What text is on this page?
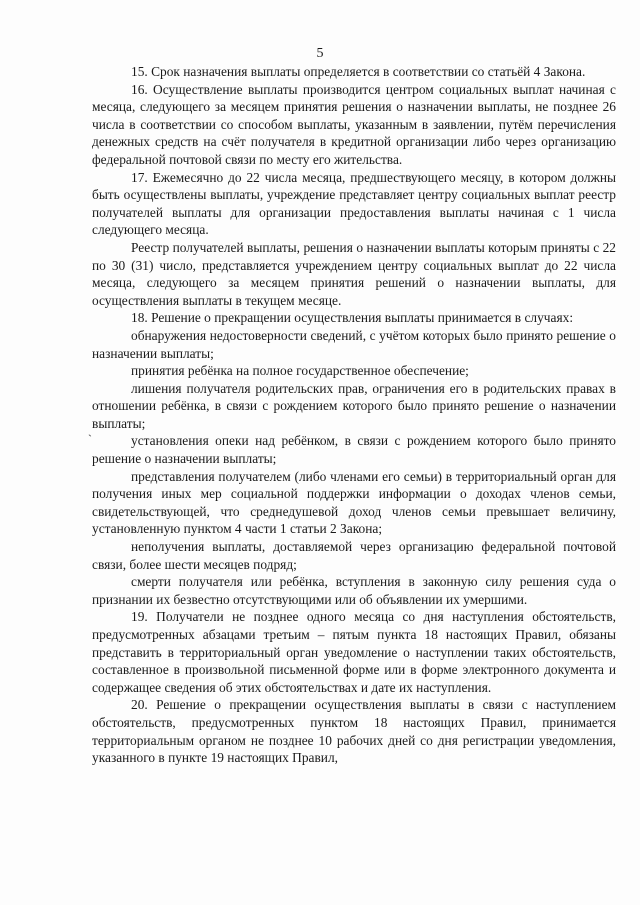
5
`

15. Срок назначения выплаты определяется в соответствии со статьёй 4 Закона.

16. Осуществление выплаты производится центром социальных выплат начиная с месяца, следующего за месяцем принятия решения о назначении выплаты, не позднее 26 числа в соответствии со способом выплаты, указанным в заявлении, путём перечисления денежных средств на счёт получателя в кредитной организации либо через организацию федеральной почтовой связи по месту его жительства.

17. Ежемесячно до 22 числа месяца, предшествующего месяцу, в котором должны быть осуществлены выплаты, учреждение представляет центру социальных выплат реестр получателей выплаты для организации предоставления выплаты начиная с 1 числа следующего месяца.

Реестр получателей выплаты, решения о назначении выплаты которым приняты с 22 по 30 (31) число, представляется учреждением центру социальных выплат до 22 числа месяца, следующего за месяцем принятия решений о назначении выплаты, для осуществления выплаты в текущем месяце.

18. Решение о прекращении осуществления выплаты принимается в случаях:

обнаружения недостоверности сведений, с учётом которых было принято решение о назначении выплаты;

принятия ребёнка на полное государственное обеспечение;

лишения получателя родительских прав, ограничения его в родительских правах в отношении ребёнка, в связи с рождением которого было принято решение о назначении выплаты;

установления опеки над ребёнком, в связи с рождением которого было принято решение о назначении выплаты;

представления получателем (либо членами его семьи) в территориальный орган для получения иных мер социальной поддержки информации о доходах членов семьи, свидетельствующей, что среднедушевой доход членов семьи превышает величину, установленную пунктом 4 части 1 статьи 2 Закона;

неполучения выплаты, доставляемой через организацию федеральной почтовой связи, более шести месяцев подряд;

смерти получателя или ребёнка, вступления в законную силу решения суда о признании их безвестно отсутствующими или об объявлении их умершими.

19. Получатели не позднее одного месяца со дня наступления обстоятельств, предусмотренных абзацами третьим – пятым пункта 18 настоящих Правил, обязаны представить в территориальный орган уведомление о наступлении таких обстоятельств, составленное в произвольной письменной форме или в форме электронного документа и содержащее сведения об этих обстоятельствах и дате их наступления.

20. Решение о прекращении осуществления выплаты в связи с наступлением обстоятельств, предусмотренных пунктом 18 настоящих Правил, принимается территориальным органом не позднее 10 рабочих дней со дня регистрации уведомления, указанного в пункте 19 настоящих Правил,
